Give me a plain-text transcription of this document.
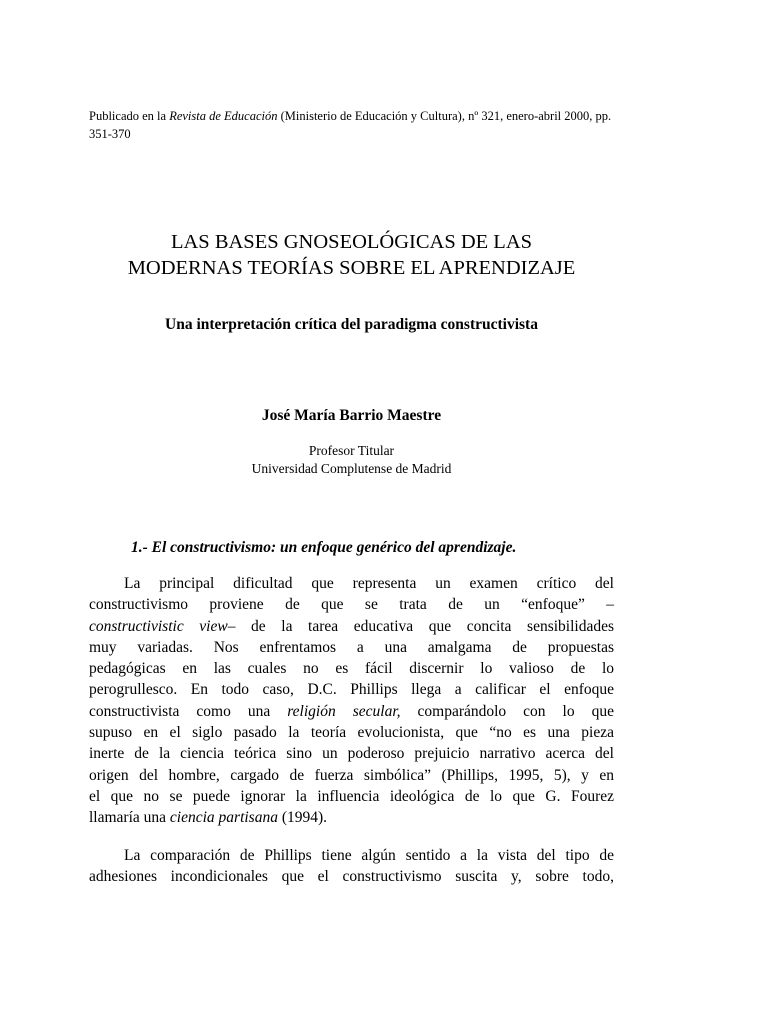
Publicado en la Revista de Educación (Ministerio de Educación y Cultura), nº 321, enero-abril 2000, pp.
351-370
LAS BASES GNOSEOLÓGICAS DE LAS
MODERNAS TEORÍAS SOBRE EL APRENDIZAJE
Una interpretación crítica del paradigma constructivista
José María Barrio Maestre
Profesor Titular
Universidad Complutense de Madrid
1.- El constructivismo: un enfoque genérico del aprendizaje.
La principal dificultad que representa un examen crítico del
constructivismo proviene de que se trata de un “enfoque” –
constructivistic view– de la tarea educativa que concita sensibilidades
muy variadas. Nos enfrentamos a una amalgama de propuestas
pedagógicas en las cuales no es fácil discernir lo valioso de lo
perogrullesco. En todo caso, D.C. Phillips llega a calificar el enfoque
constructivista como una religión secular, comparándolo con lo que
supuso en el siglo pasado la teoría evolucionista, que “no es una pieza
inerte de la ciencia teórica sino un poderoso prejuicio narrativo acerca del
origen del hombre, cargado de fuerza simbólica” (Phillips, 1995, 5), y en
el que no se puede ignorar la influencia ideológica de lo que G. Fourez
llamaría una ciencia partisana (1994).
La comparación de Phillips tiene algún sentido a la vista del tipo de
adhesiones incondicionales que el constructivismo suscita y, sobre todo,
